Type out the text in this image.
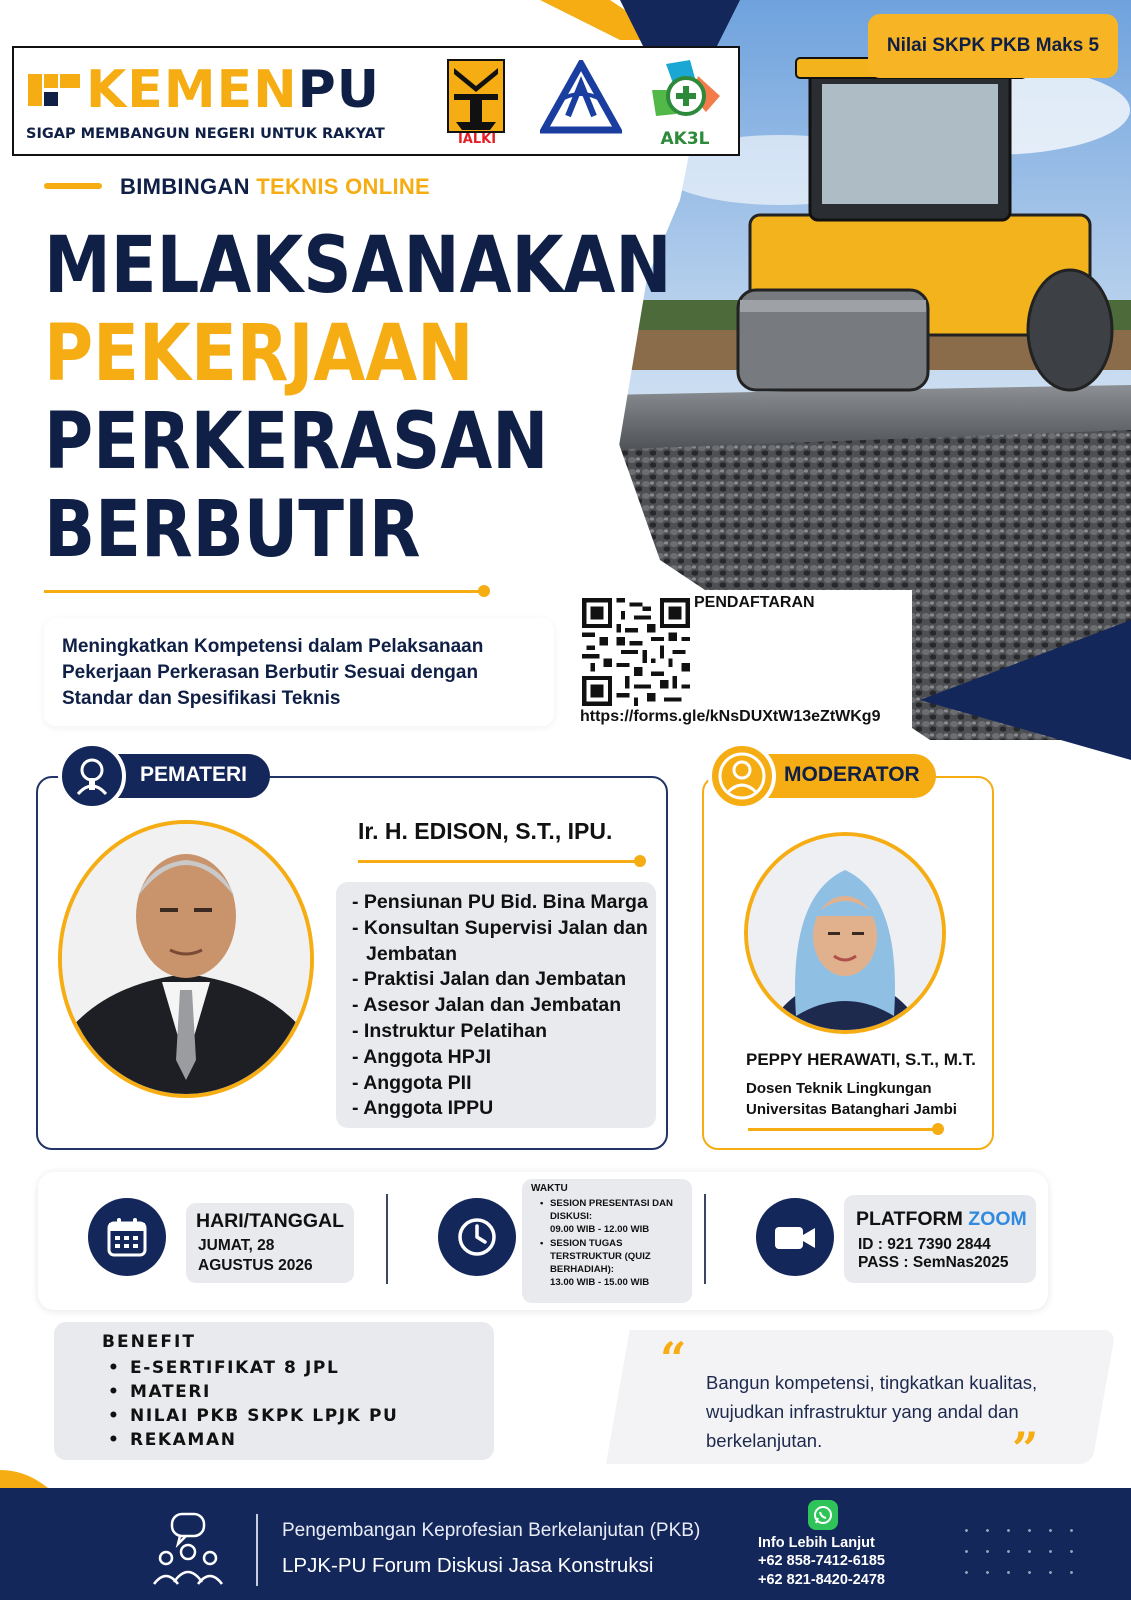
KEMENPU
SIGAP MEMBANGUN NEGERI UNTUK RAKYAT	IALKI	AK3L
Nilai SKPK PKB Maks 5
BIMBINGAN TEKNIS ONLINE
MELAKSANAKAN
PEKERJAAN
PERKERASAN
BERBUTIR
Meningkatkan Kompetensi dalam Pelaksanaan Pekerjaan Perkerasan Berbutir Sesuai dengan Standar dan Spesifikasi Teknis
PENDAFTARAN
https://forms.gle/kNsDUXtW13eZtWKg9
PEMATERI
Ir. H. EDISON, S.T., IPU.
- Pensiunan PU Bid. Bina Marga
- Konsultan Supervisi Jalan dan
Jembatan
- Praktisi Jalan dan Jembatan
- Asesor Jalan dan Jembatan
- Instruktur Pelatihan
- Anggota HPJI
- Anggota PII
- Anggota IPPU
MODERATOR
PEPPY HERAWATI, S.T., M.T.
Dosen Teknik Lingkungan
Universitas Batanghari Jambi
HARI/TANGGAL
JUMAT, 28
AGUSTUS 2026
WAKTU
• SESION PRESENTASI DAN
DISKUSI:
09.00 WIB - 12.00 WIB
• SESION TUGAS
TERSTRUKTUR (QUIZ
BERHADIAH):
13.00 WIB - 15.00 WIB
PLATFORM ZOOM
ID : 921 7390 2844
PASS : SemNas2025
BENEFIT
• E-SERTIFIKAT 8 JPL
• MATERI
• NILAI PKB SKPK LPJK PU
• REKAMAN
“ Bangun kompetensi, tingkatkan kualitas, wujudkan infrastruktur yang andal dan berkelanjutan.	”
Pengembangan Keprofesian Berkelanjutan (PKB)
LPJK-PU Forum Diskusi Jasa Konstruksi
Info Lebih Lanjut
+62 858-7412-6185
+62 821-8420-2478
